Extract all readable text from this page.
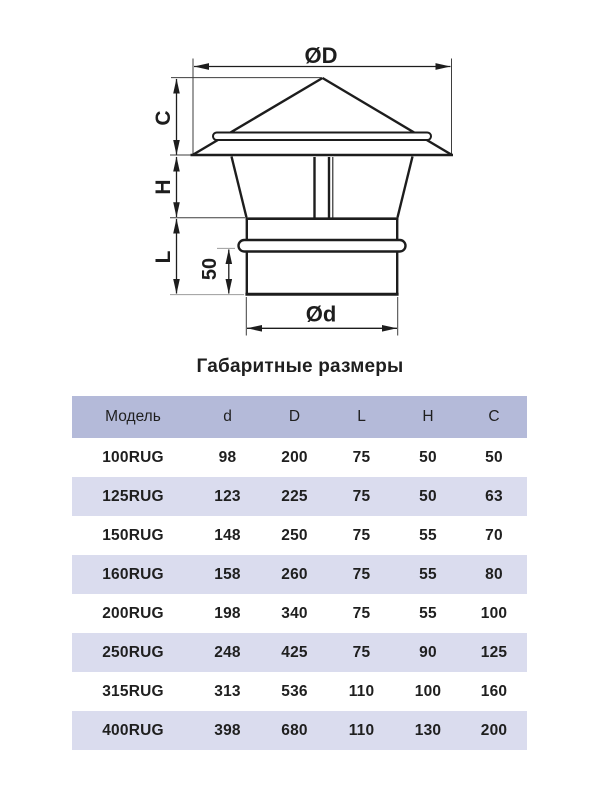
ØD
C
H
L
50
Ød
Габаритные размеры
Модель	d	D	L	H	C
100RUG	98	200	75	50	50
125RUG	123	225	75	50	63
150RUG	148	250	75	55	70
160RUG	158	260	75	55	80
200RUG	198	340	75	55	100
250RUG	248	425	75	90	125
315RUG	313	536	110	100	160
400RUG	398	680	110	130	200
